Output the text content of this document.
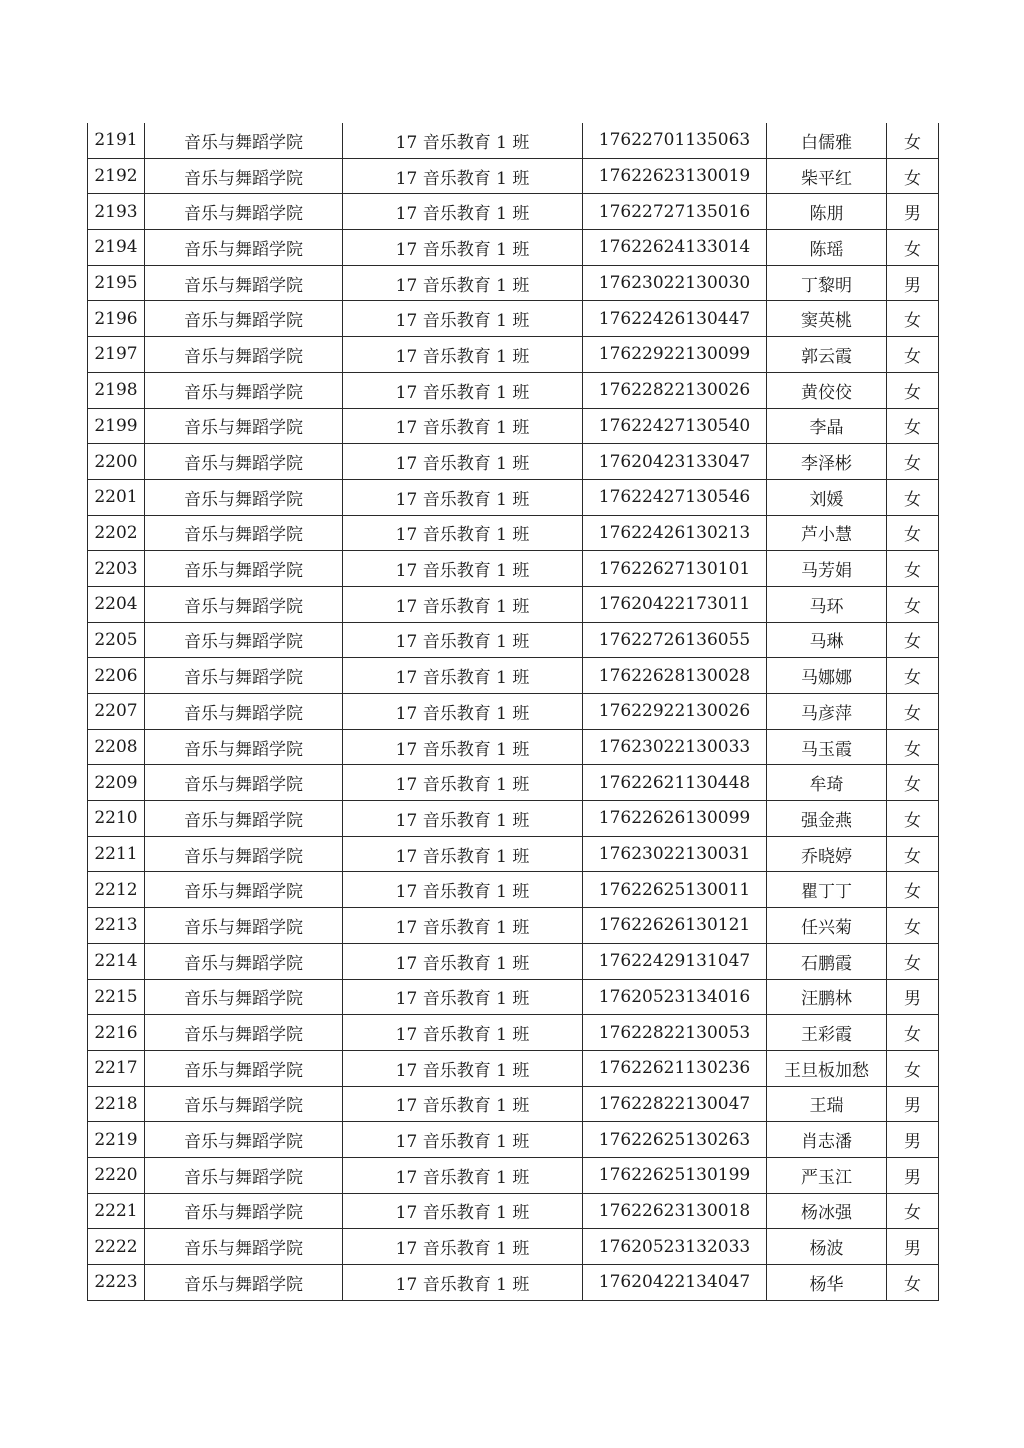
2191	音乐与舞蹈学院	17 音乐教育 1 班	17622701135063	白儒雅	女
2192	音乐与舞蹈学院	17 音乐教育 1 班	17622623130019	柴平红	女
2193	音乐与舞蹈学院	17 音乐教育 1 班	17622727135016	陈朋	男
2194	音乐与舞蹈学院	17 音乐教育 1 班	17622624133014	陈瑶	女
2195	音乐与舞蹈学院	17 音乐教育 1 班	17623022130030	丁黎明	男
2196	音乐与舞蹈学院	17 音乐教育 1 班	17622426130447	窦英桃	女
2197	音乐与舞蹈学院	17 音乐教育 1 班	17622922130099	郭云霞	女
2198	音乐与舞蹈学院	17 音乐教育 1 班	17622822130026	黄佼佼	女
2199	音乐与舞蹈学院	17 音乐教育 1 班	17622427130540	李晶	女
2200	音乐与舞蹈学院	17 音乐教育 1 班	17620423133047	李泽彬	女
2201	音乐与舞蹈学院	17 音乐教育 1 班	17622427130546	刘媛	女
2202	音乐与舞蹈学院	17 音乐教育 1 班	17622426130213	芦小慧	女
2203	音乐与舞蹈学院	17 音乐教育 1 班	17622627130101	马芳娟	女
2204	音乐与舞蹈学院	17 音乐教育 1 班	17620422173011	马环	女
2205	音乐与舞蹈学院	17 音乐教育 1 班	17622726136055	马琳	女
2206	音乐与舞蹈学院	17 音乐教育 1 班	17622628130028	马娜娜	女
2207	音乐与舞蹈学院	17 音乐教育 1 班	17622922130026	马彦萍	女
2208	音乐与舞蹈学院	17 音乐教育 1 班	17623022130033	马玉霞	女
2209	音乐与舞蹈学院	17 音乐教育 1 班	17622621130448	牟琦	女
2210	音乐与舞蹈学院	17 音乐教育 1 班	17622626130099	强金燕	女
2211	音乐与舞蹈学院	17 音乐教育 1 班	17623022130031	乔晓婷	女
2212	音乐与舞蹈学院	17 音乐教育 1 班	17622625130011	瞿丁丁	女
2213	音乐与舞蹈学院	17 音乐教育 1 班	17622626130121	任兴菊	女
2214	音乐与舞蹈学院	17 音乐教育 1 班	17622429131047	石鹏霞	女
2215	音乐与舞蹈学院	17 音乐教育 1 班	17620523134016	汪鹏林	男
2216	音乐与舞蹈学院	17 音乐教育 1 班	17622822130053	王彩霞	女
2217	音乐与舞蹈学院	17 音乐教育 1 班	17622621130236	王旦板加愁	女
2218	音乐与舞蹈学院	17 音乐教育 1 班	17622822130047	王瑞	男
2219	音乐与舞蹈学院	17 音乐教育 1 班	17622625130263	肖志潘	男
2220	音乐与舞蹈学院	17 音乐教育 1 班	17622625130199	严玉江	男
2221	音乐与舞蹈学院	17 音乐教育 1 班	17622623130018	杨冰强	女
2222	音乐与舞蹈学院	17 音乐教育 1 班	17620523132033	杨波	男
2223	音乐与舞蹈学院	17 音乐教育 1 班	17620422134047	杨华	女
